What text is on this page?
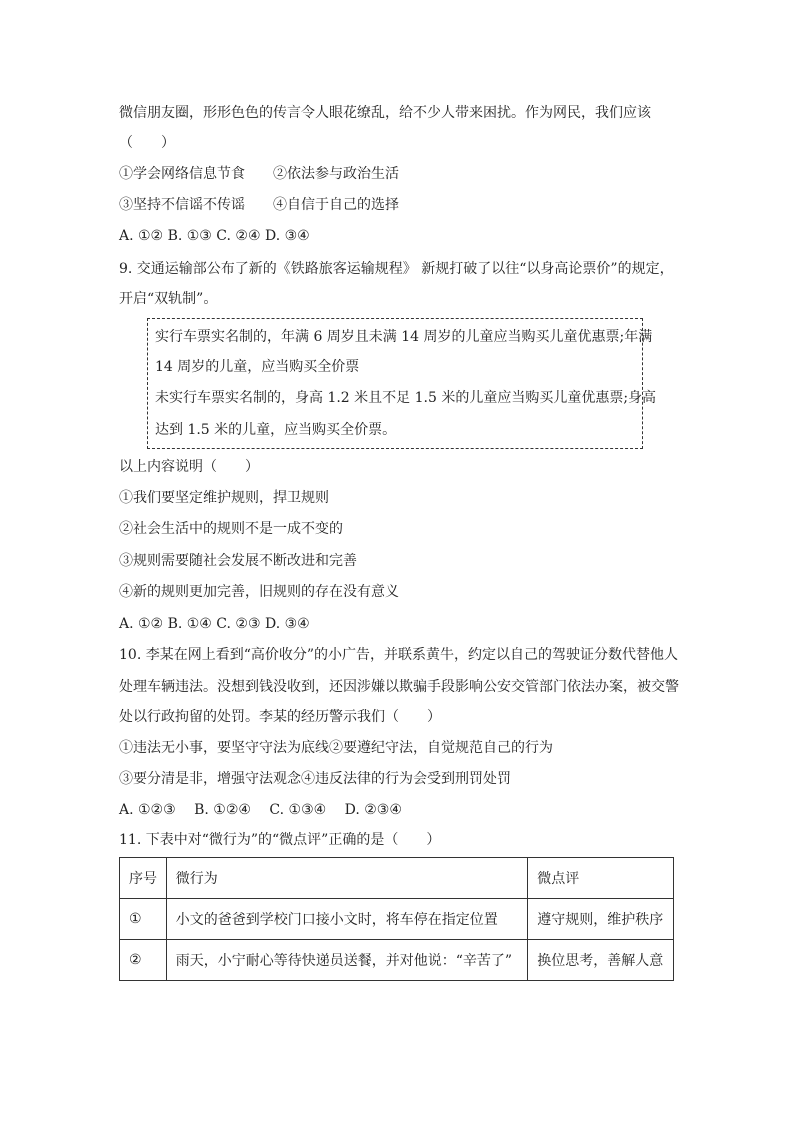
微信朋友圈，形形色色的传言令人眼花缭乱，给不少人带来困扰。作为网民，我们应该
（　　）
①学会网络信息节食　　②依法参与政治生活
③坚持不信谣不传谣　　④自信于自己的选择
A. ①② B. ①③ C. ②④ D. ③④
9. 交通运输部公布了新的《铁路旅客运输规程》 新规打破了以往“以身高论票价”的规定，
开启“双轨制”。
实行车票实名制的，年满 6 周岁且未满 14 周岁的儿童应当购买儿童优惠票;年满
14 周岁的儿童，应当购买全价票
未实行车票实名制的，身高 1.2 米且不足 1.5 米的儿童应当购买儿童优惠票;身高
达到 1.5 米的儿童，应当购买全价票。
以上内容说明（　　）
①我们要坚定维护规则，捍卫规则
②社会生活中的规则不是一成不变的
③规则需要随社会发展不断改进和完善
④新的规则更加完善，旧规则的存在没有意义
A. ①② B. ①④ C. ②③ D. ③④
10. 李某在网上看到“高价收分”的小广告，并联系黄牛，约定以自己的驾驶证分数代替他人
处理车辆违法。没想到钱没收到，还因涉嫌以欺骗手段影响公安交管部门依法办案，被交警
处以行政拘留的处罚。李某的经历警示我们（　　）
①违法无小事，要坚守守法为底线②要遵纪守法，自觉规范自己的行为
③要分清是非，增强守法观念④违反法律的行为会受到刑罚处罚
A. ①②③　 B. ①②④　 C. ①③④　 D. ②③④
11. 下表中对“微行为”的“微点评”正确的是（　　）
序号	微行为	微点评
①	小文的爸爸到学校门口接小文时，将车停在指定位置	遵守规则，维护秩序
②	雨天，小宁耐心等待快递员送餐，并对他说：“辛苦了”	换位思考，善解人意
